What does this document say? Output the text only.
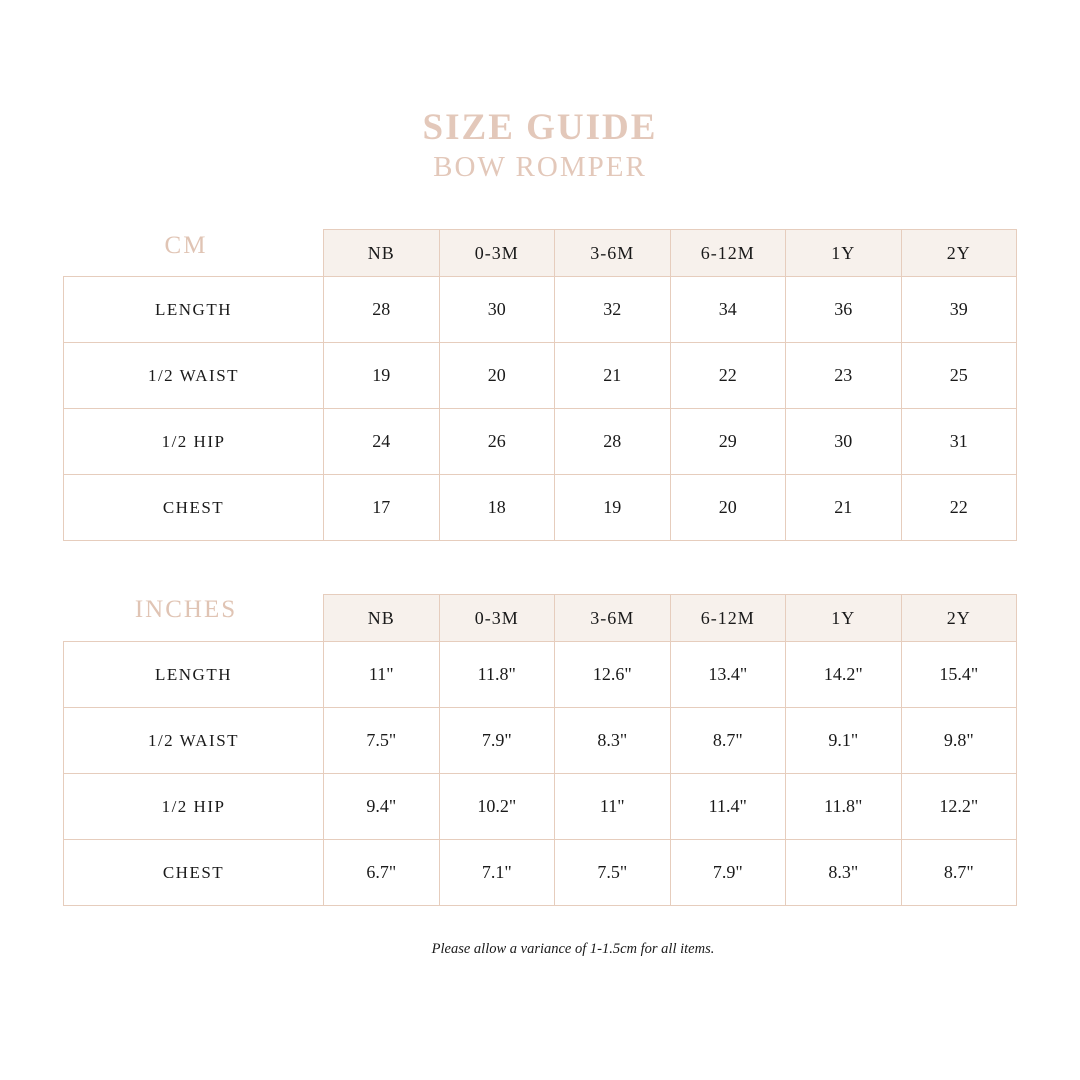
SIZE GUIDE
BOW ROMPER
CM	NB	0-3M	3-6M	6-12M	1Y	2Y
LENGTH	28	30	32	34	36	39
1/2 WAIST	19	20	21	22	23	25
1/2 HIP	24	26	28	29	30	31
CHEST	17	18	19	20	21	22
INCHES	NB	0-3M	3-6M	6-12M	1Y	2Y
LENGTH	11"	11.8"	12.6"	13.4"	14.2"	15.4"
1/2 WAIST	7.5"	7.9"	8.3"	8.7"	9.1"	9.8"
1/2 HIP	9.4"	10.2"	11"	11.4"	11.8"	12.2"
CHEST	6.7"	7.1"	7.5"	7.9"	8.3"	8.7"
Please allow a variance of 1-1.5cm for all items.
